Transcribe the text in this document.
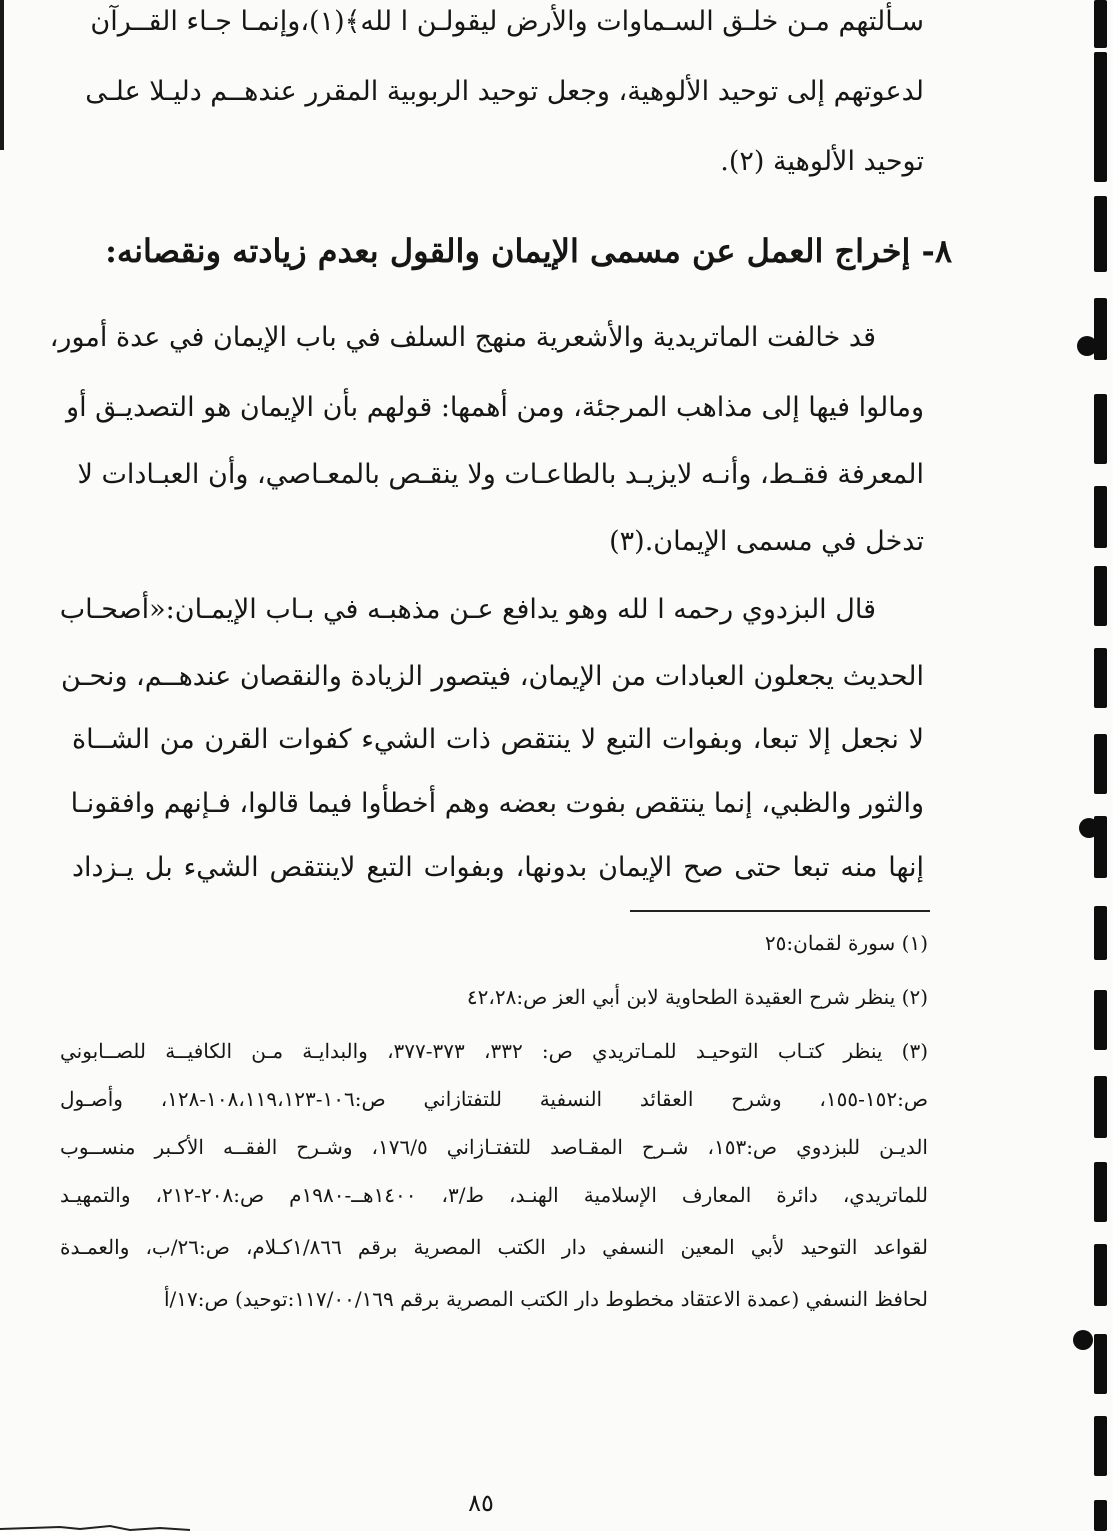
سـألتهم مـن خلـق السـماوات والأرض ليقولـن ا لله﴾(١)،وإنمـا جـاء القــرآن
لدعوتهم إلى توحيد الألوهية، وجعل توحيد الربوبية المقرر عندهــم دليـلا علـى
توحيد الألوهية (٢).
٨- إخراج العمل عن مسمى الإيمان والقول بعدم زيادته ونقصانه:
قد خالفت الماتريدية والأشعرية منهج السلف في باب الإيمان في عدة أمور،
ومالوا فيها إلى مذاهب المرجئة، ومن أهمها: قولهم بأن الإيمان هو التصديـق أو
المعرفة فقـط، وأنـه لايزيـد بالطاعـات ولا ينقـص بالمعـاصي، وأن العبـادات لا
تدخل في مسمى الإيمان.(٣)
قال البزدوي رحمه ا لله وهو يدافع عـن مذهبـه في بـاب الإيمـان:«أصحـاب
الحديث يجعلون العبادات من الإيمان، فيتصور الزيادة والنقصان عندهــم، ونحـن
لا نجعل إلا تبعا، وبفوات التبع لا ينتقص ذات الشيء كفوات القرن من الشــاة
والثور والظبي، إنما ينتقص بفوت بعضه وهم أخطأوا فيما قالوا، فـإنهم وافقونـا
إنها منه تبعا حتى صح الإيمان بدونها، وبفوات التبع لاينتقص الشيء بل يـزداد
(١) سورة لقمان:٢٥
(٢) ينظر شرح العقيدة الطحاوية لابن أبي العز ص:٤٢،٢٨
(٣) ينظر كتـاب التوحيـد للمـاتريدي ص: ٣٣٢، ٣٧٣-٣٧٧، والبدايـة مـن الكافيــة للصــابوني
ص:١٥٢-١٥٥، وشرح العقائد النسفية للتفتازاني ص:١٠٦-١٠٨،١١٩،١٢٣-١٢٨، وأصـول
الديـن للبزدوي ص:١٥٣، شـرح المقـاصد للتفتـازاني ١٧٦/٥، وشـرح الفقــه الأكـبر منســوب
للماتريدي، دائرة المعارف الإسلامية الهنـد، ط/٣، ١٤٠٠هــ-١٩٨٠م ص:٢٠٨-٢١٢، والتمهيـد
لقواعد التوحيد لأبي المعين النسفي دار الكتب المصرية برقم ١/٨٦٦كـلام، ص:٢٦/ب، والعمـدة
لحافظ النسفي (عمدة الاعتقاد مخطوط دار الكتب المصرية برقم ١١٧/٠٠/١٦٩:توحيد) ص:١٧/أ
٨٥
